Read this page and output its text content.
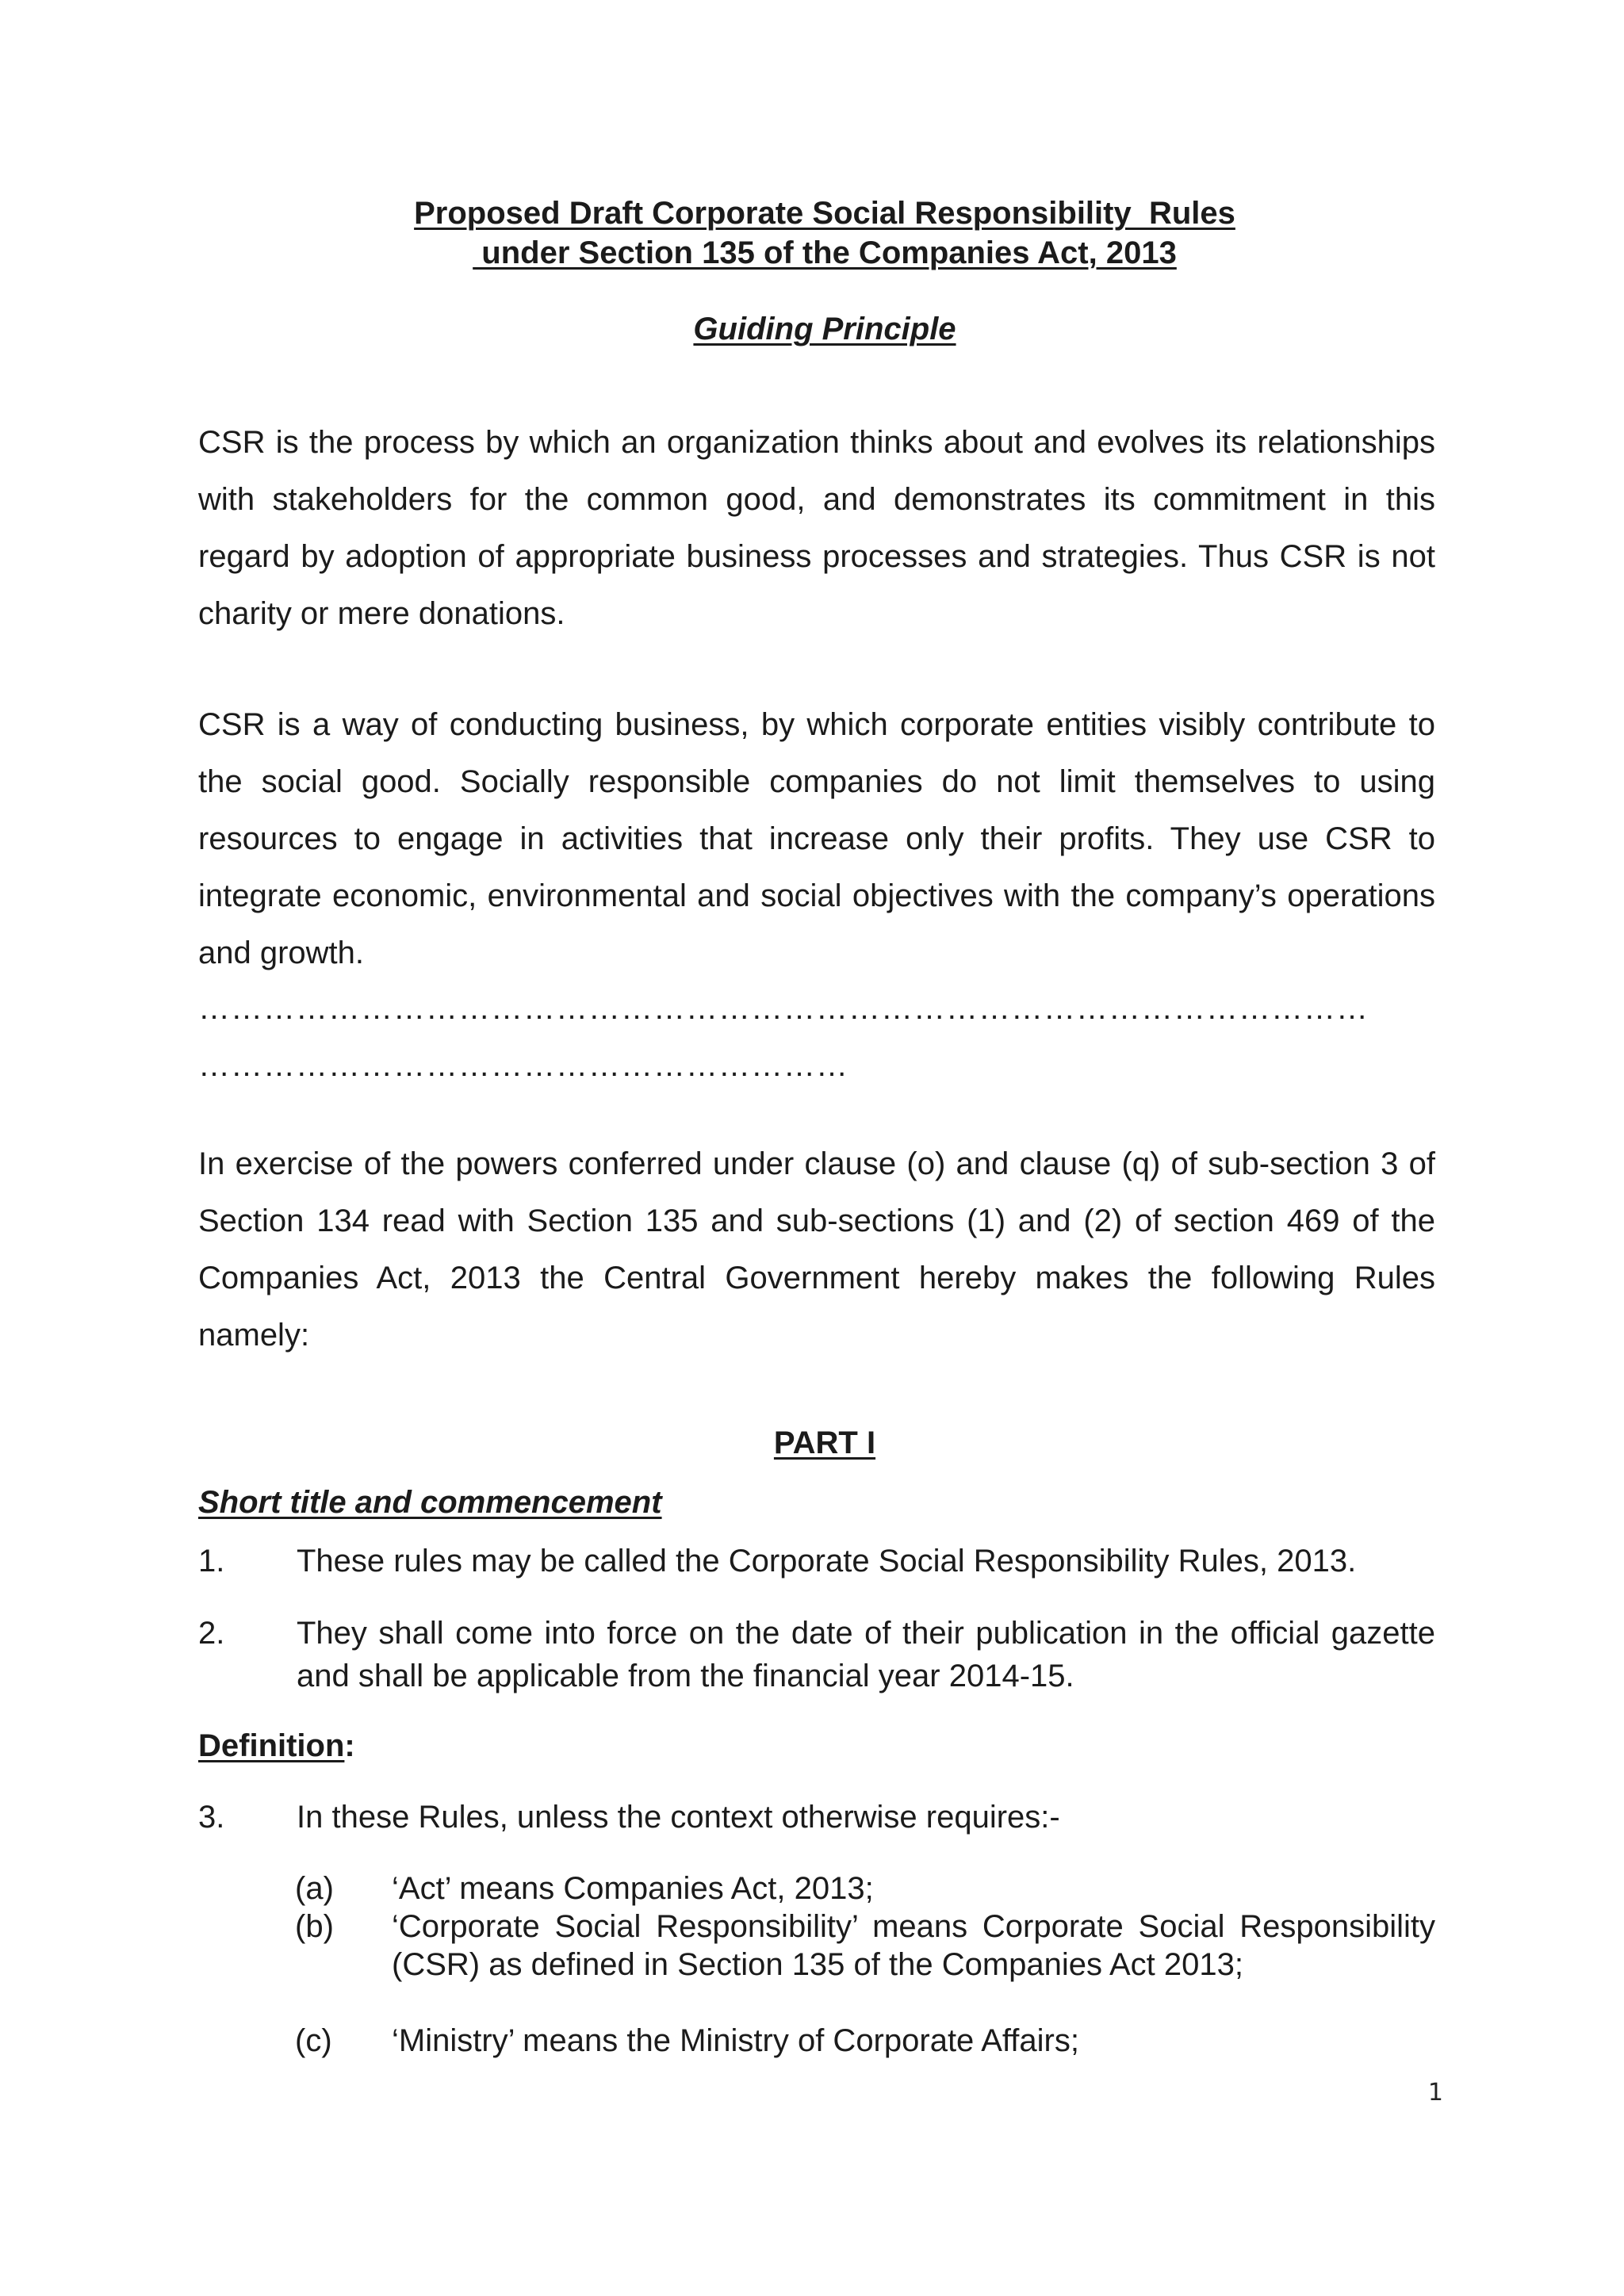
Proposed Draft Corporate Social Responsibility  Rules
under Section 135 of the Companies Act, 2013
Guiding Principle
CSR is the process by which an organization thinks about and evolves its relationships with stakeholders for the common good, and demonstrates its commitment in this regard by adoption of appropriate business processes and strategies. Thus CSR is not charity or mere donations.
CSR is a way of conducting business, by which corporate entities visibly contribute to the social good. Socially responsible companies do not limit themselves to using resources to engage in activities that increase only their profits. They use CSR to integrate economic, environmental and social objectives with the company’s operations and growth.
………………………………………………………………………………………………
……………………………………………………
In exercise of the powers conferred under clause (o) and clause (q) of sub-section 3 of Section 134 read with Section 135 and sub-sections (1) and (2) of section 469 of the Companies Act, 2013 the Central Government hereby makes the following Rules namely:
PART I
Short title and commencement
1. These rules may be called the Corporate Social Responsibility Rules, 2013.
2. They shall come into force on the date of their publication in the official gazette and shall be applicable from the financial year 2014-15.
Definition:
3. In these Rules, unless the context otherwise requires:-
(a) ‘Act’ means Companies Act, 2013;
(b) ‘Corporate Social Responsibility’ means Corporate Social Responsibility (CSR) as defined in Section 135 of the Companies Act 2013;
(c) ‘Ministry’ means the Ministry of Corporate Affairs;
1
